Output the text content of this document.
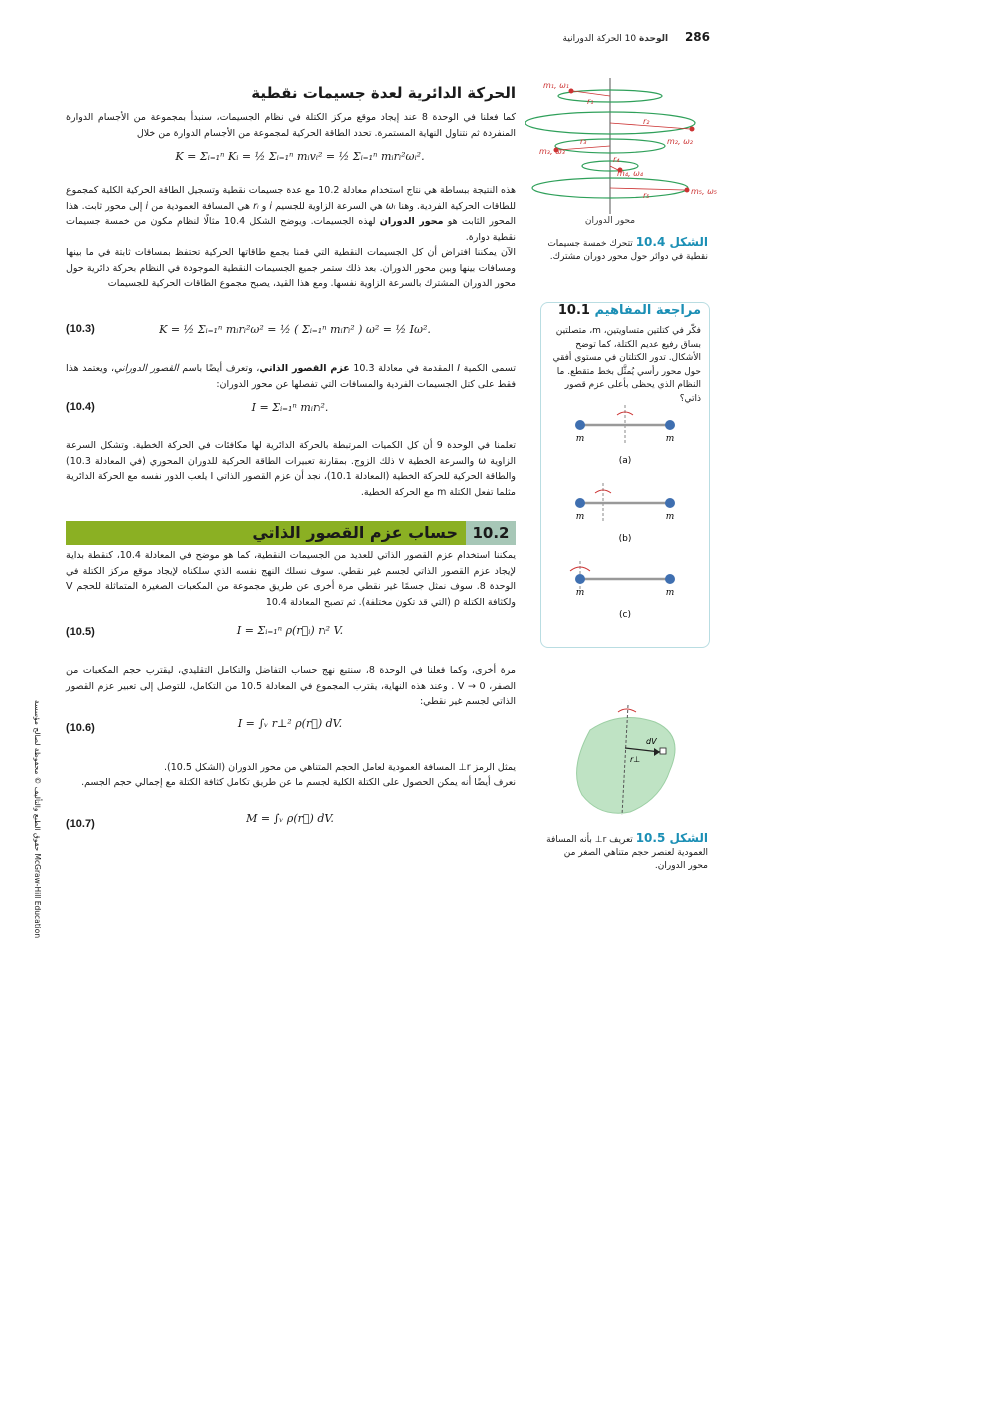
286 الوحدة 10 الحركة الدورانية
الحركة الدائرية لعدة جسيمات نقطية
كما فعلنا في الوحدة 8 عند إيجاد موقع مركز الكتلة في نظام الجسيمات، سنبدأ بمجموعة من الأجسام الدوارة المنفردة ثم نتناول النهاية المستمرة. تحدد الطاقة الحركية لمجموعة من الأجسام الدوارة من خلال
K = Σᵢ₌₁ⁿ Kᵢ = ½ Σᵢ₌₁ⁿ mᵢvᵢ² = ½ Σᵢ₌₁ⁿ mᵢrᵢ²ωᵢ².
هذه النتيجة ببساطة هي نتاج استخدام معادلة 10.2 مع عدة جسيمات نقطية وتسجيل الطاقة الحركية الكلية كمجموع للطاقات الحركية الفردية. وهنا ωᵢ هي السرعة الزاوية للجسيم i و rᵢ هي المسافة العمودية من i إلى محور ثابت. هذا المحور الثابت هو محور الدوران لهذه الجسيمات. ويوضح الشكل 10.4 مثالًا لنظام مكون من خمسة جسيمات نقطية دوارة.
الآن يمكننا افتراض أن كل الجسيمات النقطية التي قمنا بجمع طاقاتها الحركية تحتفظ بمسافات ثابتة في ما بينها ومسافات بينها وبين محور الدوران. بعد ذلك ستمر جميع الجسيمات النقطية الموجودة في النظام بحركة دائرية حول محور الدوران المشترك بالسرعة الزاوية نفسها. ومع هذا القيد، يصبح مجموع الطاقات الحركية للجسيمات
(10.3)	K = ½ Σᵢ₌₁ⁿ mᵢrᵢ²ω² = ½ ( Σᵢ₌₁ⁿ mᵢrᵢ² ) ω² = ½ Iω².
تسمى الكمية I المقدمة في معادلة 10.3 عزم القصور الذاتي، وتعرف أيضًا باسم القصور الدوراني، ويعتمد هذا فقط على كتل الجسيمات الفردية والمسافات التي تفصلها عن محور الدوران:
(10.4)	I = Σᵢ₌₁ⁿ mᵢrᵢ².
تعلمنا في الوحدة 9 أن كل الكميات المرتبطة بالحركة الدائرية لها مكافئات في الحركة الخطية. وتشكل السرعة الزاوية ω والسرعة الخطية v ذلك الزوج. بمقارنة تعبيرات الطاقة الحركية للدوران المحوري (في المعادلة 10.3) والطاقة الحركية للحركة الخطية (المعادلة 10.1)، نجد أن عزم القصور الذاتي I يلعب الدور نفسه مع الحركة الدائرية مثلما تفعل الكتلة m مع الحركة الخطية.
10.2
حساب عزم القصور الذاتي
يمكننا استخدام عزم القصور الذاتي للعديد من الجسيمات النقطية، كما هو موضح في المعادلة 10.4، كنقطة بداية لإيجاد عزم القصور الذاتي لجسم غير نقطي. سوف نسلك النهج نفسه الذي سلكناه لإيجاد موقع مركز الكتلة في الوحدة 8. سوف نمثل جسمًا غير نقطي مرة أخرى عن طريق مجموعة من المكعبات الصغيرة المتماثلة للحجم V ولكثافة الكتلة ρ (التي قد تكون مختلفة). ثم تصبح المعادلة 10.4
(10.5)	I = Σᵢ₌₁ⁿ ρ(r⃗ᵢ) rᵢ² V.
مرة أخرى، وكما فعلنا في الوحدة 8، سنتبع نهج حساب التفاضل والتكامل التقليدي، ليقترب حجم المكعبات من الصفر، V → 0 . وعند هذه النهاية، يقترب المجموع في المعادلة 10.5 من التكامل، للتوصل إلى تعبير عزم القصور الذاتي لجسم غير نقطي:
(10.6)	I = ∫ᵥ r⊥² ρ(r⃗) dV.
يمثل الرمز r⊥ المسافة العمودية لعامل الحجم المتناهي من محور الدوران (الشكل 10.5).
نعرف أيضًا أنه يمكن الحصول على الكتلة الكلية لجسم ما عن طريق تكامل كثافة الكتلة مع إجمالي حجم الجسم.
(10.7)	M = ∫ᵥ ρ(r⃗) dV.
حقوق الطبع والتأليف © محفوظة لصالح مؤسسة McGraw-Hill Education
m₁, ω₁
r₁
r₂
m₂, ω₂
r₃
m₃, ω₃
r₄
m₄, ω₄
r₅	m₅, ω₅
محور الدوران
الشكل 10.4 تتحرك خمسة جسيمات نقطية في دوائر حول محور دوران مشترك.
مراجعة المفاهيم 10.1
فكّر في كتلتين متساويتين، m، متصلتين بساق رفيع عديم الكتلة، كما توضح الأشكال. تدور الكتلتان في مستوى أفقي حول محور رأسي يُمثَّل بخط متقطع. ما النظام الذي يحظى بأعلى عزم قصور ذاتي؟
m	m
(a)
m	m
(b)
m	m
(c)
dV
r⊥
الشكل 10.5 تعريف r⊥ بأنه المسافة العمودية لعنصر حجم متناهي الصغر من محور الدوران.
